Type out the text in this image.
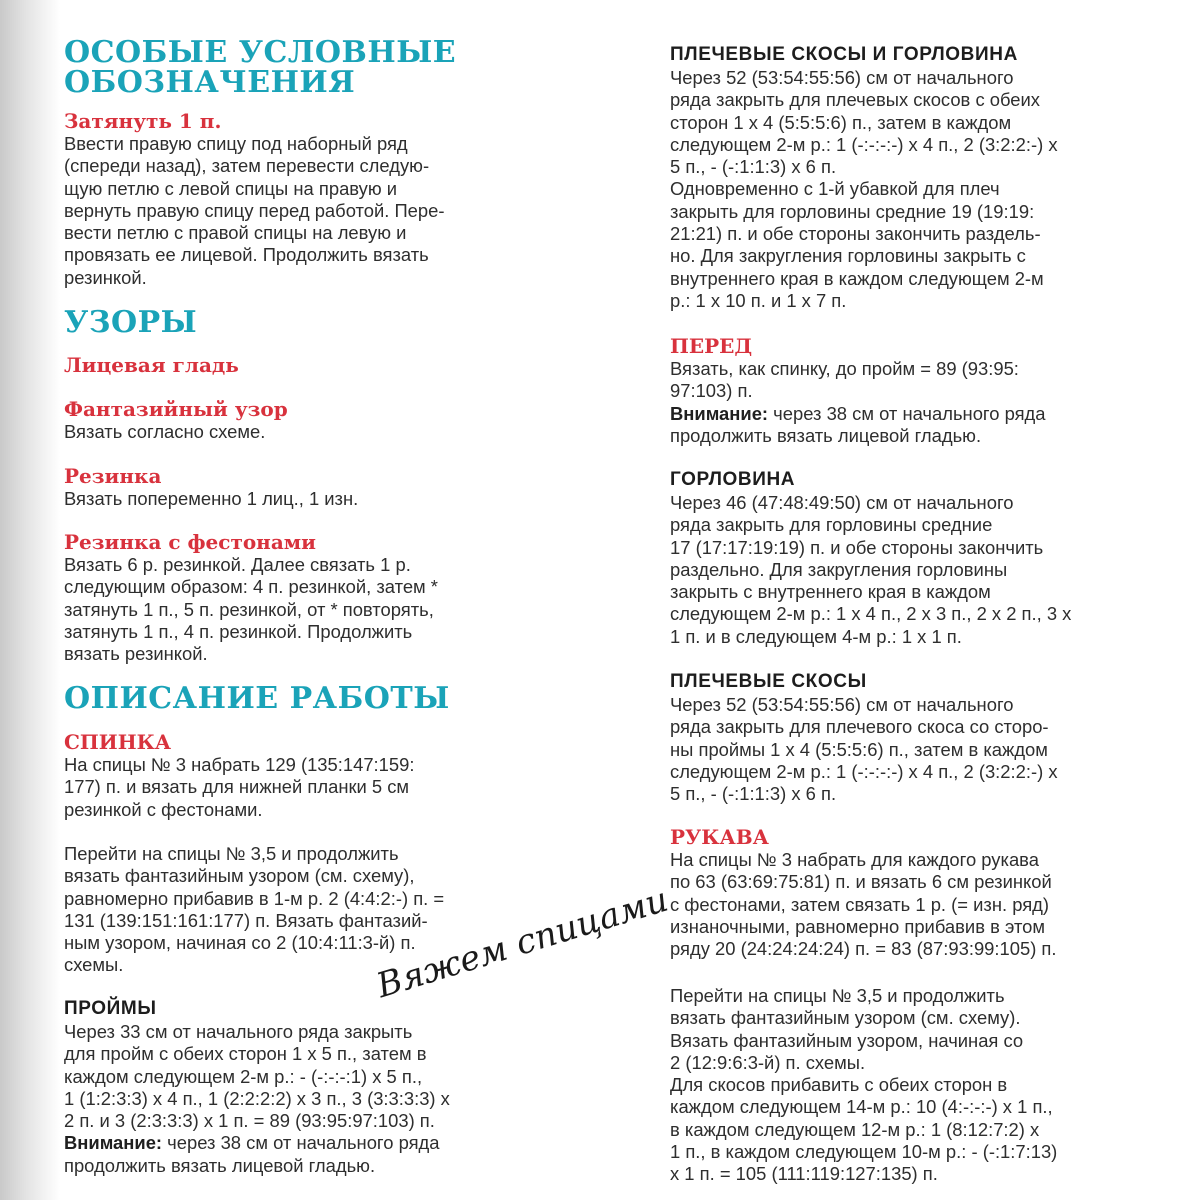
ОСОБЫЕ УСЛОВНЫЕ
ОБОЗНАЧЕНИЯ
Затянуть 1 п.
Ввести правую спицу под наборный ряд
(спереди назад), затем перевести следую-
щую петлю с левой спицы на правую и
вернуть правую спицу перед работой. Пере-
вести петлю с правой спицы на левую и
провязать ее лицевой. Продолжить вязать
резинкой.
УЗОРЫ
Лицевая гладь
Фантазийный узор
Вязать согласно схеме.
Резинка
Вязать попеременно 1 лиц., 1 изн.
Резинка с фестонами
Вязать 6 р. резинкой. Далее связать 1 р.
следующим образом: 4 п. резинкой, затем *
затянуть 1 п., 5 п. резинкой, от * повторять,
затянуть 1 п., 4 п. резинкой. Продолжить
вязать резинкой.
ОПИСАНИЕ РАБОТЫ
СПИНКА
На спицы № 3 набрать 129 (135:147:159:
177) п. и вязать для нижней планки 5 см
резинкой с фестонами.
Перейти на спицы № 3,5 и продолжить
вязать фантазийным узором (см. схему),
равномерно прибавив в 1-м р. 2 (4:4:2:-) п. =
131 (139:151:161:177) п. Вязать фантазий-
ным узором, начиная со 2 (10:4:11:3-й) п.
схемы.
ПРОЙМЫ
Через 33 см от начального ряда закрыть
для пройм с обеих сторон 1 х 5 п., затем в
каждом следующем 2-м р.: - (-:-:-:1) х 5 п.,
1 (1:2:3:3) х 4 п., 1 (2:2:2:2) х 3 п., 3 (3:3:3:3) х
2 п. и 3 (2:3:3:3) х 1 п. = 89 (93:95:97:103) п.
Внимание: через 38 см от начального ряда
продолжить вязать лицевой гладью.
ПЛЕЧЕВЫЕ СКОСЫ И ГОРЛОВИНА
Через 52 (53:54:55:56) см от начального
ряда закрыть для плечевых скосов с обеих
сторон 1 х 4 (5:5:5:6) п., затем в каждом
следующем 2-м р.: 1 (-:-:-:-) х 4 п., 2 (3:2:2:-) х
5 п., - (-:1:1:3) х 6 п.
Одновременно с 1-й убавкой для плеч
закрыть для горловины средние 19 (19:19:
21:21) п. и обе стороны закончить раздель-
но. Для закругления горловины закрыть с
внутреннего края в каждом следующем 2-м
р.: 1 х 10 п. и 1 х 7 п.
ПЕРЕД
Вязать, как спинку, до пройм = 89 (93:95:
97:103) п.
Внимание: через 38 см от начального ряда
продолжить вязать лицевой гладью.
ГОРЛОВИНА
Через 46 (47:48:49:50) см от начального
ряда закрыть для горловины средние
17 (17:17:19:19) п. и обе стороны закончить
раздельно. Для закругления горловины
закрыть с внутреннего края в каждом
следующем 2-м р.: 1 х 4 п., 2 х 3 п., 2 х 2 п., 3 х
1 п. и в следующем 4-м р.: 1 х 1 п.
ПЛЕЧЕВЫЕ СКОСЫ
Через 52 (53:54:55:56) см от начального
ряда закрыть для плечевого скоса со сторо-
ны проймы 1 х 4 (5:5:5:6) п., затем в каждом
следующем 2-м р.: 1 (-:-:-:-) х 4 п., 2 (3:2:2:-) х
5 п., - (-:1:1:3) х 6 п.
РУКАВА
На спицы № 3 набрать для каждого рукава
по 63 (63:69:75:81) п. и вязать 6 см резинкой
с фестонами, затем связать 1 р. (= изн. ряд)
изнаночными, равномерно прибавив в этом
ряду 20 (24:24:24:24) п. = 83 (87:93:99:105) п.
Перейти на спицы № 3,5 и продолжить
вязать фантазийным узором (см. схему).
Вязать фантазийным узором, начиная со
2 (12:9:6:3-й) п. схемы.
Для скосов прибавить с обеих сторон в
каждом следующем 14-м р.: 10 (4:-:-:-) х 1 п.,
в каждом следующем 12-м р.: 1 (8:12:7:2) х
1 п., в каждом следующем 10-м р.: - (-:1:7:13)
х 1 п. = 105 (111:119:127:135) п.
Вяжем спицами
